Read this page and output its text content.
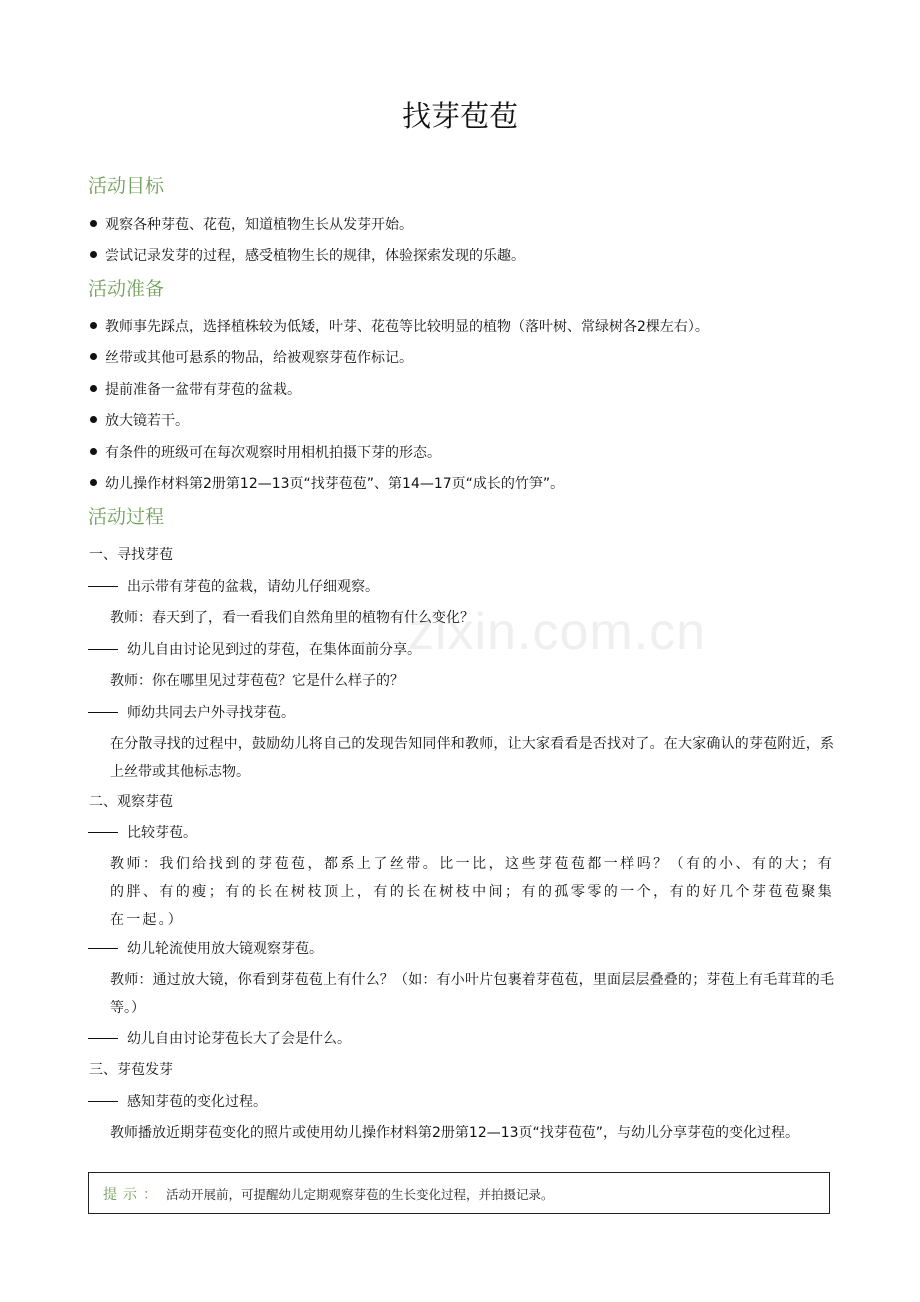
zixin.com.cn
找芽苞苞
活动目标
观察各种芽苞、花苞，知道植物生长从发芽开始。
尝试记录发芽的过程，感受植物生长的规律，体验探索发现的乐趣。
活动准备
教师事先踩点，选择植株较为低矮，叶芽、花苞等比较明显的植物（落叶树、常绿树各2棵左右）。
丝带或其他可悬系的物品，给被观察芽苞作标记。
提前准备一盆带有芽苞的盆栽。
放大镜若干。
有条件的班级可在每次观察时用相机拍摄下芽的形态。
幼儿操作材料第2册第12—13页“找芽苞苞”、第14—17页“成长的竹笋”。
活动过程
一、寻找芽苞
出示带有芽苞的盆栽，请幼儿仔细观察。
教师：春天到了，看一看我们自然角里的植物有什么变化？
幼儿自由讨论见到过的芽苞，在集体面前分享。
教师：你在哪里见过芽苞苞？它是什么样子的？
师幼共同去户外寻找芽苞。
在分散寻找的过程中，鼓励幼儿将自己的发现告知同伴和教师，让大家看看是否找对了。在大家确认的芽苞附近，系上丝带或其他标志物。
二、观察芽苞
比较芽苞。
教师：我们给找到的芽苞苞，都系上了丝带。比一比，这些芽苞苞都一样吗？（有的小、有的大；有的胖、有的瘦；有的长在树枝顶上，有的长在树枝中间；有的孤零零的一个，有的好几个芽苞苞聚集在一起。）
幼儿轮流使用放大镜观察芽苞。
教师：通过放大镜，你看到芽苞苞上有什么？（如：有小叶片包裹着芽苞苞，里面层层叠叠的；芽苞上有毛茸茸的毛等。）
幼儿自由讨论芽苞长大了会是什么。
三、芽苞发芽
感知芽苞的变化过程。
教师播放近期芽苞变化的照片或使用幼儿操作材料第2册第12—13页“找芽苞苞”，与幼儿分享芽苞的变化过程。
提示： 活动开展前，可提醒幼儿定期观察芽苞的生长变化过程，并拍摄记录。
